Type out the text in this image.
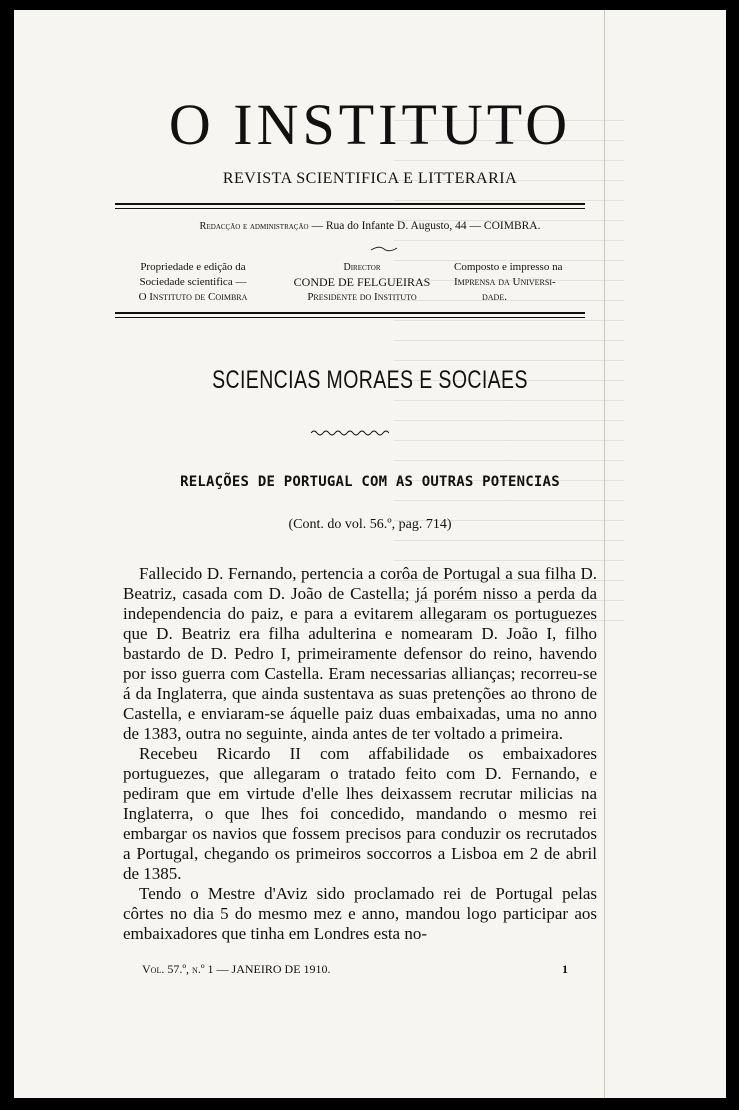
O INSTITUTO
REVISTA SCIENTIFICA E LITTERARIA
Redacção e administração — Rua do Infante D. Augusto, 44 — COIMBRA.
Propriedade e edição da
Sociedade scientifica —
O Instituto de Coimbra
Director
CONDE DE FELGUEIRAS
Presidente do Instituto
Composto e impresso na
Imprensa da Universi-
dade.
SCIENCIAS MORAES E SOCIAES
RELAÇÕES DE PORTUGAL COM AS OUTRAS POTENCIAS
(Cont. do vol. 56.º, pag. 714)

Fallecido D. Fernando, pertencia a corôa de Portugal a sua filha D. Beatriz, casada com D. João de Castella; já porém nisso a perda da independencia do paiz, e para a evitarem allegaram os portuguezes que D. Beatriz era filha adulterina e nomearam D. João I, filho bastardo de D. Pedro I, primeiramente defensor do reino, havendo por isso guerra com Castella. Eram necessarias allianças; recorreu-se á da Inglaterra, que ainda sustentava as suas pretenções ao throno de Castella, e enviaram-se áquelle paiz duas embaixadas, uma no anno de 1383, outra no seguinte, ainda antes de ter voltado a primeira.

Recebeu Ricardo II com affabilidade os embaixadores portuguezes, que allegaram o tratado feito com D. Fernando, e pediram que em virtude d'elle lhes deixassem recrutar milicias na Inglaterra, o que lhes foi concedido, mandando o mesmo rei embargar os navios que fossem precisos para conduzir os recrutados a Portugal, chegando os primeiros soccorros a Lisboa em 2 de abril de 1385.

Tendo o Mestre d'Aviz sido proclamado rei de Portugal pelas côrtes no dia 5 do mesmo mez e anno, mandou logo participar aos embaixadores que tinha em Londres esta no-

Vol. 57.º, n.º 1 — JANEIRO DE 1910.	1
